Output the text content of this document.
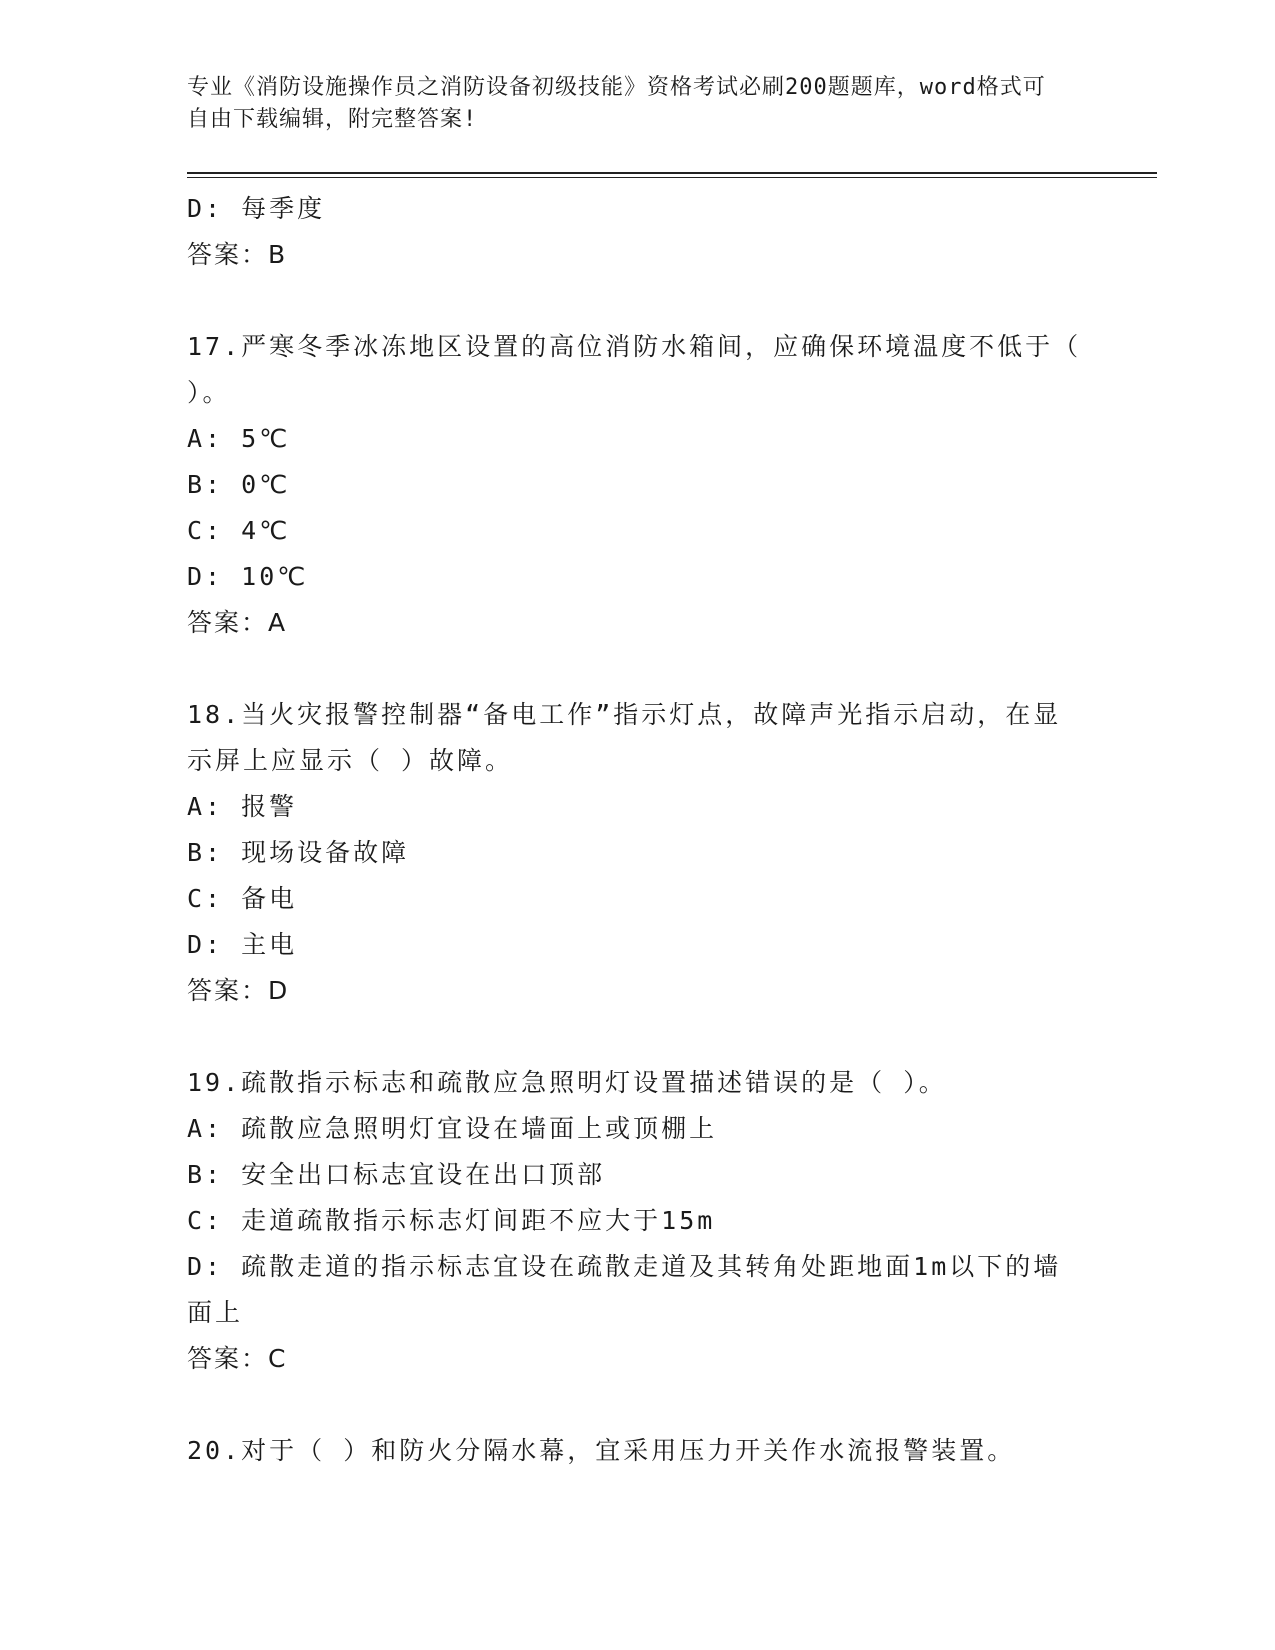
专业《消防设施操作员之消防设备初级技能》资格考试必刷200题题库，word格式可自由下载编辑，附完整答案!

D: 每季度

答案：B

17.严寒冬季冰冻地区设置的高位消防水箱间，应确保环境温度不低于（ ）。

A: 5℃

B: 0℃

C: 4℃

D: 10℃

答案：A

18.当火灾报警控制器“备电工作”指示灯点，故障声光指示启动，在显示屏上应显示（ ）故障。

A: 报警

B: 现场设备故障

C: 备电

D: 主电

答案：D

19.疏散指示标志和疏散应急照明灯设置描述错误的是（ ）。

A: 疏散应急照明灯宜设在墙面上或顶棚上

B: 安全出口标志宜设在出口顶部

C: 走道疏散指示标志灯间距不应大于15m

D: 疏散走道的指示标志宜设在疏散走道及其转角处距地面1m以下的墙面上

答案：C

20.对于（ ）和防火分隔水幕，宜采用压力开关作水流报警装置。
